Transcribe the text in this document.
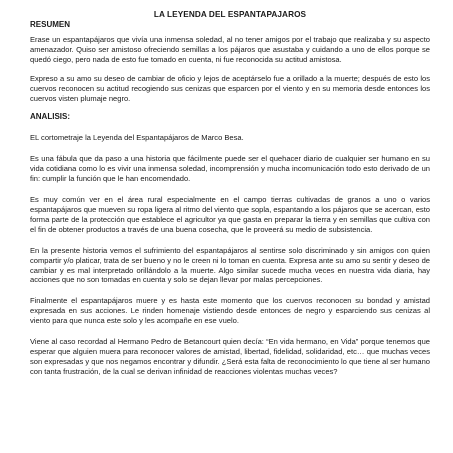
LA LEYENDA DEL ESPANTAPAJAROS
RESUMEN

Erase un espantapájaros que vivía una inmensa soledad, al no tener amigos por el trabajo que realizaba y su aspecto amenazador. Quiso ser amistoso ofreciendo semillas a los pájaros que asustaba y cuidando a uno de ellos porque se quedó ciego, pero nada de esto fue tomado en cuenta, ni fue reconocida su actitud amistosa.

Expreso a su amo su deseo de cambiar de oficio y lejos de aceptárselo fue a orillado a la muerte; después de esto los cuervos reconocen su actitud recogiendo sus cenizas que esparcen por el viento y en su memoria desde entonces los cuervos visten plumaje negro.

ANALISIS:

EL cortometraje la Leyenda del Espantapájaros de Marco Besa.

Es una fábula que da paso a una historia que fácilmente puede ser el quehacer diario de cualquier ser humano en su vida cotidiana como lo es vivir una inmensa soledad, incomprensión y mucha incomunicación todo esto derivado de un fin: cumplir la función que le han encomendado.

Es muy común ver en el área rural especialmente en el campo tierras cultivadas de granos a uno o varios espantapájaros que mueven su ropa ligera al ritmo del viento que sopla, espantando a los pájaros que se acercan, esto forma parte de la protección que establece el agricultor ya que gasta en preparar la tierra y en semillas que cultiva con el fin de obtener productos a través de una buena cosecha, que le proveerá su medio de subsistencia.

En la presente historia vemos el sufrimiento del espantapájaros al sentirse solo discriminado y sin amigos con quien compartir y/o platicar, trata de ser bueno y no le creen ni lo toman en cuenta. Expresa ante su amo su sentir y deseo de cambiar y es mal interpretado orillándolo a la muerte. Algo similar sucede mucha veces en nuestra vida diaria, hay acciones que no son tomadas en cuenta y solo se dejan llevar por malas percepciones.

Finalmente el espantapájaros muere y es hasta este momento que los cuervos reconocen su bondad y amistad expresada en sus acciones. Le rinden homenaje vistiendo desde entonces de negro y esparciendo sus cenizas al viento para que nunca este solo y les acompañe en ese vuelo.

Viene al caso recordad al Hermano Pedro de Betancourt quien decía: “En vida hermano, en Vida” porque tenemos que esperar que alguien muera para reconocer valores de amistad, libertad, fidelidad, solidaridad, etc… que muchas veces son expresadas y que nos negamos encontrar y difundir. ¿Será esta falta de reconocimiento lo que tiene al ser humano con tanta frustración, de la cual se derivan infinidad de reacciones violentas muchas veces?
